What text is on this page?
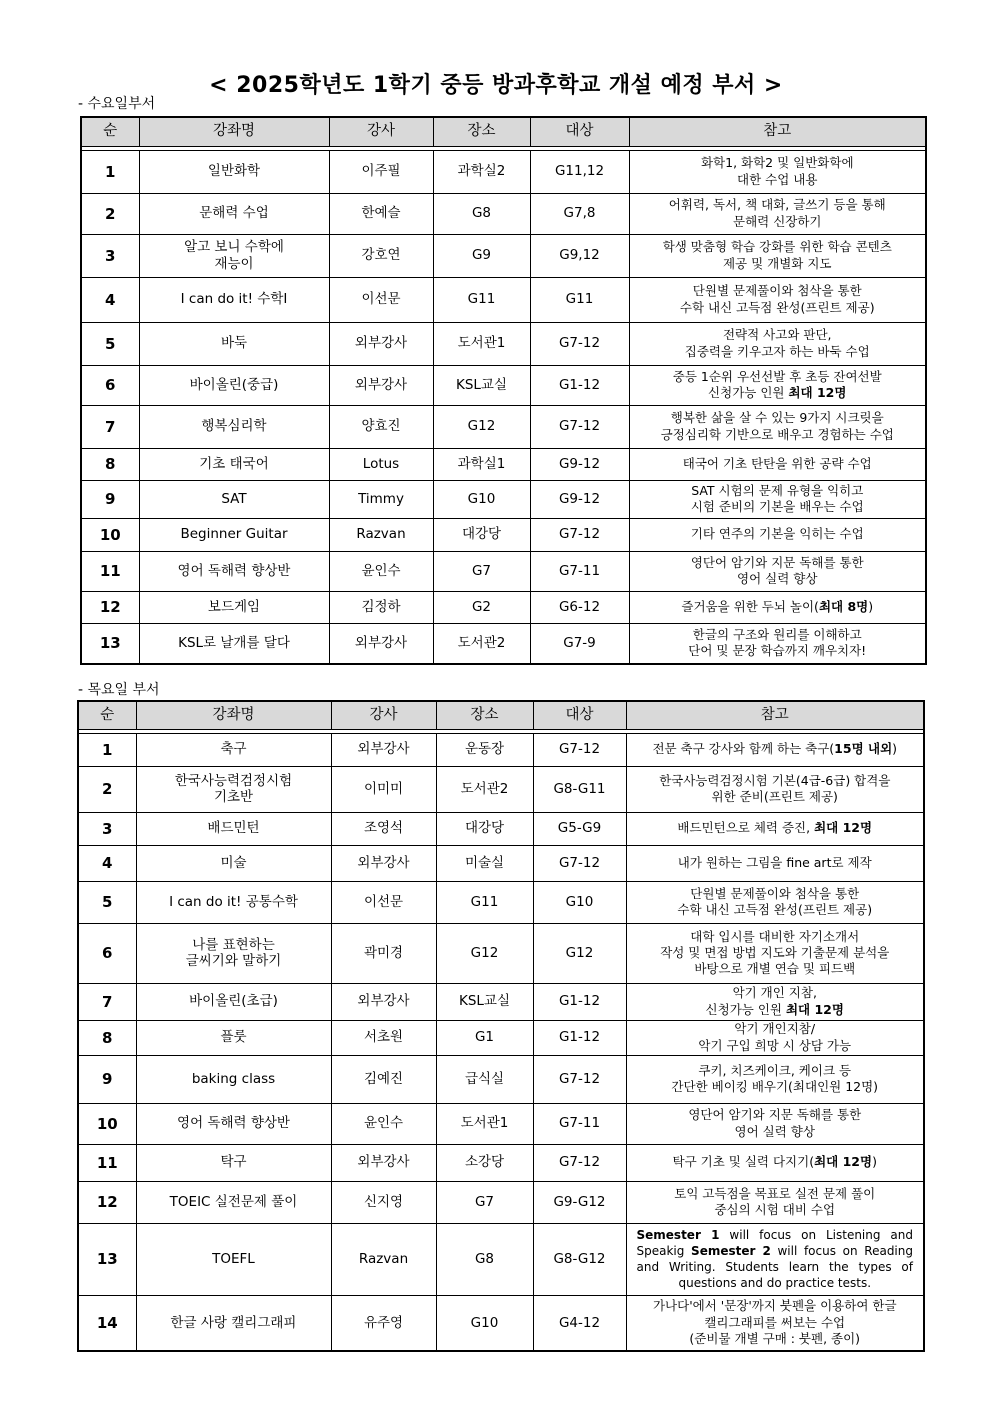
< 2025학년도 1학기 중등 방과후학교 개설 예정 부서 >
- 수요일부서
순	강좌명	강사	장소	대상	참고

1	일반화학	이주필	과학실2	G11,12	화학1, 화학2 및 일반화학에
대한 수업 내용
2	문해력 수업	한예슬	G8	G7,8	어휘력, 독서, 책 대화, 글쓰기 등을 통해
문해력 신장하기
3	알고 보니 수학에
재능이	강호연	G9	G9,12	학생 맞춤형 학습 강화를 위한 학습 콘텐츠
제공 및 개별화 지도
4	I can do it! 수학Ⅰ	이선문	G11	G11	단원별 문제풀이와 첨삭을 통한
수학 내신 고득점 완성(프린트 제공)
5	바둑	외부강사	도서관1	G7-12	전략적 사고와 판단,
집중력을 키우고자 하는 바둑 수업
6	바이올린(중급)	외부강사	KSL교실	G1-12	중등 1순위 우선선발 후 초등 잔여선발
신청가능 인원 최대 12명
7	행복심리학	양효진	G12	G7-12	행복한 삶을 살 수 있는 9가지 시크릿을
긍정심리학 기반으로 배우고 경험하는 수업
8	기초 태국어	Lotus	과학실1	G9-12	태국어 기초 탄탄을 위한 공략 수업
9	SAT	Timmy	G10	G9-12	SAT 시험의 문제 유형을 익히고
시험 준비의 기본을 배우는 수업
10	Beginner Guitar	Razvan	대강당	G7-12	기타 연주의 기본을 익히는 수업
11	영어 독해력 향상반	윤인수	G7	G7-11	영단어 암기와 지문 독해를 통한
영어 실력 향상
12	보드게임	김정하	G2	G6-12	즐거움을 위한 두뇌 놀이(최대 8명)
13	KSL로 날개를 달다	외부강사	도서관2	G7-9	한글의 구조와 원리를 이해하고
단어 및 문장 학습까지 깨우치자!
- 목요일 부서
순	강좌명	강사	장소	대상	참고

1	축구	외부강사	운동장	G7-12	전문 축구 강사와 함께 하는 축구(15명 내외)
2	한국사능력검정시험
기초반	이미미	도서관2	G8-G11	한국사능력검정시험 기본(4급-6급) 합격을
위한 준비(프린트 제공)
3	배드민턴	조영석	대강당	G5-G9	배드민턴으로 체력 증진, 최대 12명
4	미술	외부강사	미술실	G7-12	내가 원하는 그림을 fine art로 제작
5	I can do it! 공통수학	이선문	G11	G10	단원별 문제풀이와 첨삭을 통한
수학 내신 고득점 완성(프린트 제공)
6	나를 표현하는
글씨기와 말하기	곽미경	G12	G12	대학 입시를 대비한 자기소개서
작성 및 면접 방법 지도와 기출문제 분석을
바탕으로 개별 연습 및 피드백
7	바이올린(초급)	외부강사	KSL교실	G1-12	악기 개인 지참,
신청가능 인원 최대 12명
8	플룻	서초원	G1	G1-12	악기 개인지참/
악기 구입 희망 시 상담 가능
9	baking class	김예진	급식실	G7-12	쿠키, 치즈케이크, 케이크 등
간단한 베이킹 배우기(최대인원 12명)
10	영어 독해력 향상반	윤인수	도서관1	G7-11	영단어 암기와 지문 독해를 통한
영어 실력 향상
11	탁구	외부강사	소강당	G7-12	탁구 기초 및 실력 다지기(최대 12명)
12	TOEIC 실전문제 풀이	신지영	G7	G9-G12	토익 고득점을 목표로 실전 문제 풀이
중심의 시험 대비 수업
13	TOEFL	Razvan	G8	G8-G12	Semester 1 will focus on Listening and Speakig Semester 2 will focus on Reading and Writing. Students learn the types of questions and do practice tests.
14	한글 사랑 캘리그래피	유주영	G10	G4-12	가나다'에서 '문장'까지 붓펜을 이용하여 한글
캘리그래피를 써보는 수업
(준비물 개별 구매 : 붓펜, 종이)
